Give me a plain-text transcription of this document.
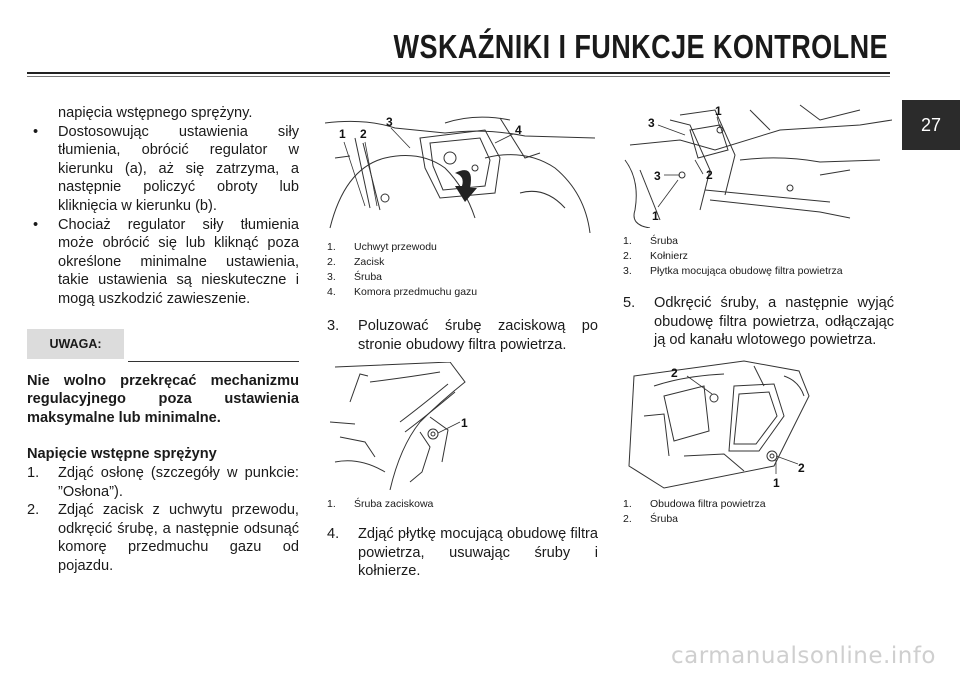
WSKAŹNIKI I FUNKCJE KONTROLNE
27

napięcia wstępnego sprężyny.

• Dostosowując ustawienia siły tłumienia, obrócić regulator w kierunku (a), aż się zatrzyma, a następnie policzyć obroty lub kliknięcia w kierunku (b).
• Chociaż regulator siły tłumienia może obrócić się lub kliknąć poza określone minimalne ustawienia, takie ustawienia są nieskuteczne i mogą uszkodzić zawieszenie.
UWAGA:

Nie wolno przekręcać mechanizmu regulacyjnego poza ustawienia maksymalne lub minimalne.

Napięcie wstępne sprężyny

1. Zdjąć osłonę (szczegóły w punkcie: ”Osłona”).
2. Zdjąć zacisk z uchwytu przewodu, odkręcić śrubę, a następnie odsunąć komorę przedmuchu gazu od pojazdu.
1 2
3
4
1. Uchwyt przewodu
2. Zacisk
3. Śruba
4. Komora przedmuchu gazu
3.	Poluzować śrubę zaciskową po stronie obudowy filtra powietrza.
1
1. Śruba zaciskowa
4.	Zdjąć płytkę mocującą obudowę filtra powietrza, usuwając śruby i kołnierze.
3
1
3	2
1
1. Śruba
2. Kołnierz
3. Płytka mocująca obudowę filtra powietrza
5.	Odkręcić śruby, a następnie wyjąć obudowę filtra powietrza, odłączając ją od kanału wlotowego powietrza.
2
1
2
1. Obudowa filtra powietrza
2. Śruba
carmanualsonline.info
